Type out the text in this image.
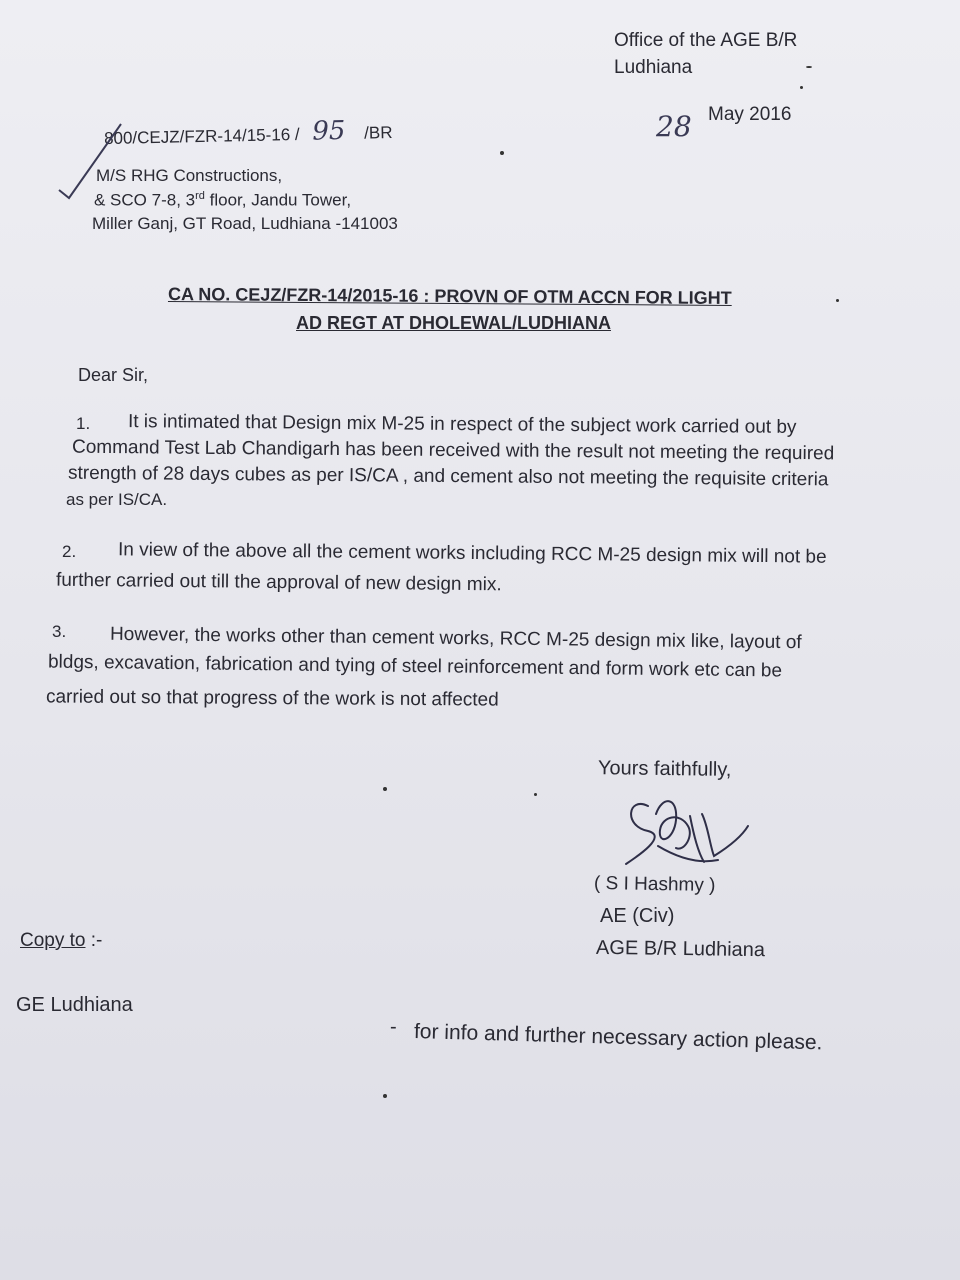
Office of the AGE B/R
Ludhiana
800/CEJZ/FZR-14/15-16 / 95 /BR	28 May 2016
M/S RHG Constructions,
& SCO 7-8, 3rd floor, Jandu Tower,
Miller Ganj, GT Road, Ludhiana -141003
CA NO. CEJZ/FZR-14/2015-16 : PROVN OF OTM ACCN FOR LIGHT
AD REGT AT DHOLEWAL/LUDHIANA
Dear Sir,
1. It is intimated that Design mix M-25 in respect of the subject work carried out by
Command Test Lab Chandigarh has been received with the result not meeting the required
strength of 28 days cubes as per IS/CA , and cement also not meeting the requisite criteria
as per IS/CA.
2. In view of the above all the cement works including RCC M-25 design mix will not be
further carried out till the approval of new design mix.
3. However, the works other than cement works, RCC M-25 design mix like, layout of
bldgs, excavation, fabrication and tying of steel reinforcement and form work etc can be
carried out so that progress of the work is not affected
Yours faithfully,
( S I Hashmy )
AE (Civ)
AGE B/R Ludhiana
Copy to :-
GE Ludhiana
- for info and further necessary action please.
